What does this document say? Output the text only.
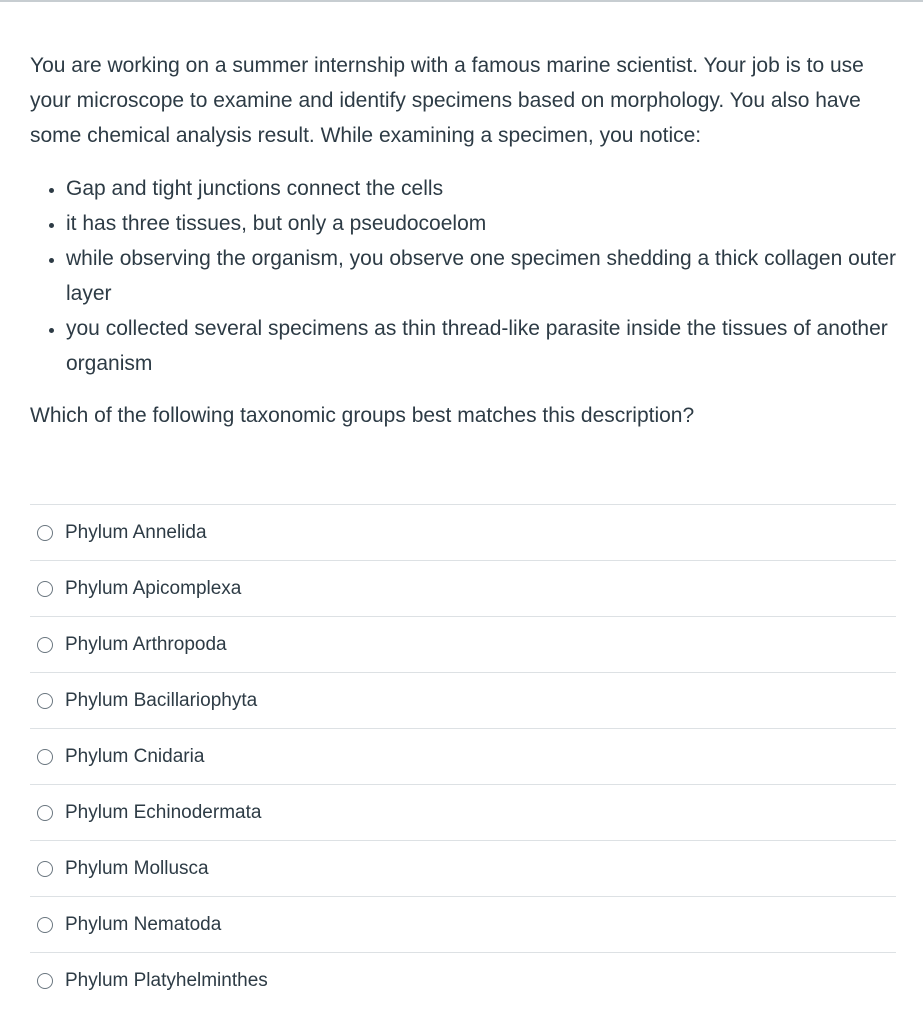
You are working on a summer internship with a famous marine scientist. Your job is to use your microscope to examine and identify specimens based on morphology. You also have some chemical analysis result. While examining a specimen, you notice:

• Gap and tight junctions connect the cells
• it has three tissues, but only a pseudocoelom
• while observing the organism, you observe one specimen shedding a thick collagen outer layer
• you collected several specimens as thin thread-like parasite inside the tissues of another organism

Which of the following taxonomic groups best matches this description?

Phylum Annelida
Phylum Apicomplexa
Phylum Arthropoda
Phylum Bacillariophyta
Phylum Cnidaria
Phylum Echinodermata
Phylum Mollusca
Phylum Nematoda
Phylum Platyhelminthes
